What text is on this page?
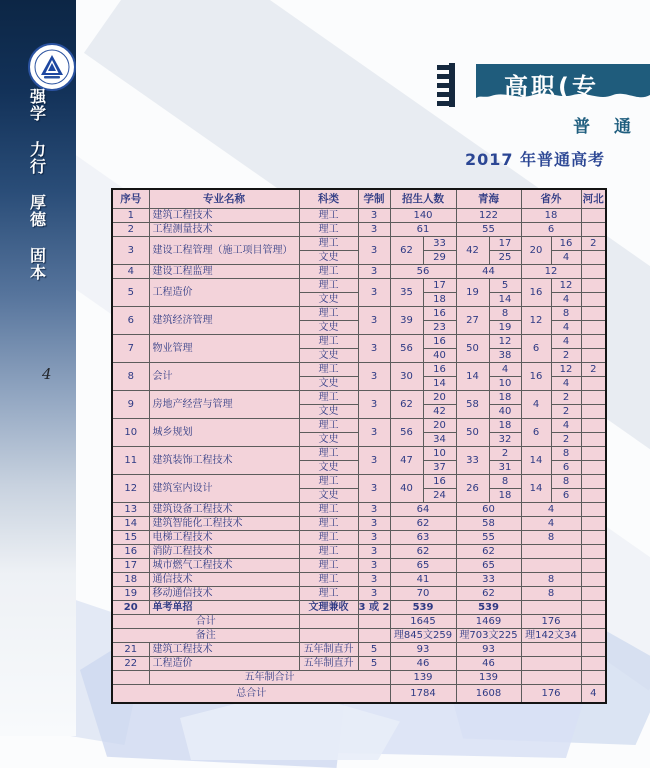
强学
力行
厚德
固本
4
高职(专
普 通
2017 年普通高考
序号	专业名称	科类	学制	招生人数		青海		省外		河北
1	建筑工程技术	理工	3	140		122		18		
2	工程测量技术	理工	3	61		55		6		
3	建设工程管理（施工项目管理）	理工	3	62	33	42	17	20	16	2
		文史			29		25		4	
4	建设工程监理	理工	3	56		44		12		
5	工程造价	理工	3	35	17	19	5	16	12	
		文史			18		14		4	
6	建筑经济管理	理工	3	39	16	27	8	12	8	
		文史			23		19		4	
7	物业管理	理工	3	56	16	50	12	6	4	
		文史			40		38		2	
8	会计	理工	3	30	16	14	4	16	12	2
		文史			14		10		4	
9	房地产经营与管理	理工	3	62	20	58	18	4	2	
		文史			42		40		2	
10	城乡规划	理工	3	56	20	50	18	6	4	
		文史			34		32		2	
11	建筑装饰工程技术	理工	3	47	10	33	2	14	8	
		文史			37		31		6	
12	建筑室内设计	理工	3	40	16	26	8	14	8	
		文史			24		18		6	
13	建筑设备工程技术	理工	3	64		60		4		
14	建筑智能化工程技术	理工	3	62		58		4		
15	电梯工程技术	理工	3	63		55		8		
16	消防工程技术	理工	3	62		62				
17	城市燃气工程技术	理工	3	65		65				
18	通信技术	理工	3	41		33		8		
19	移动通信技术	理工	3	70		62		8		
20	单考单招	文理兼收	3 或 2	539		539				
合计				1645		1469		176		
备注				理845文259		理703文225		理142文34		
21	建筑工程技术	五年制直升	5	93		93				
22	工程造价	五年制直升	5	46		46				
	五年制合计			139		139				
总合计				1784		1608		176		4
